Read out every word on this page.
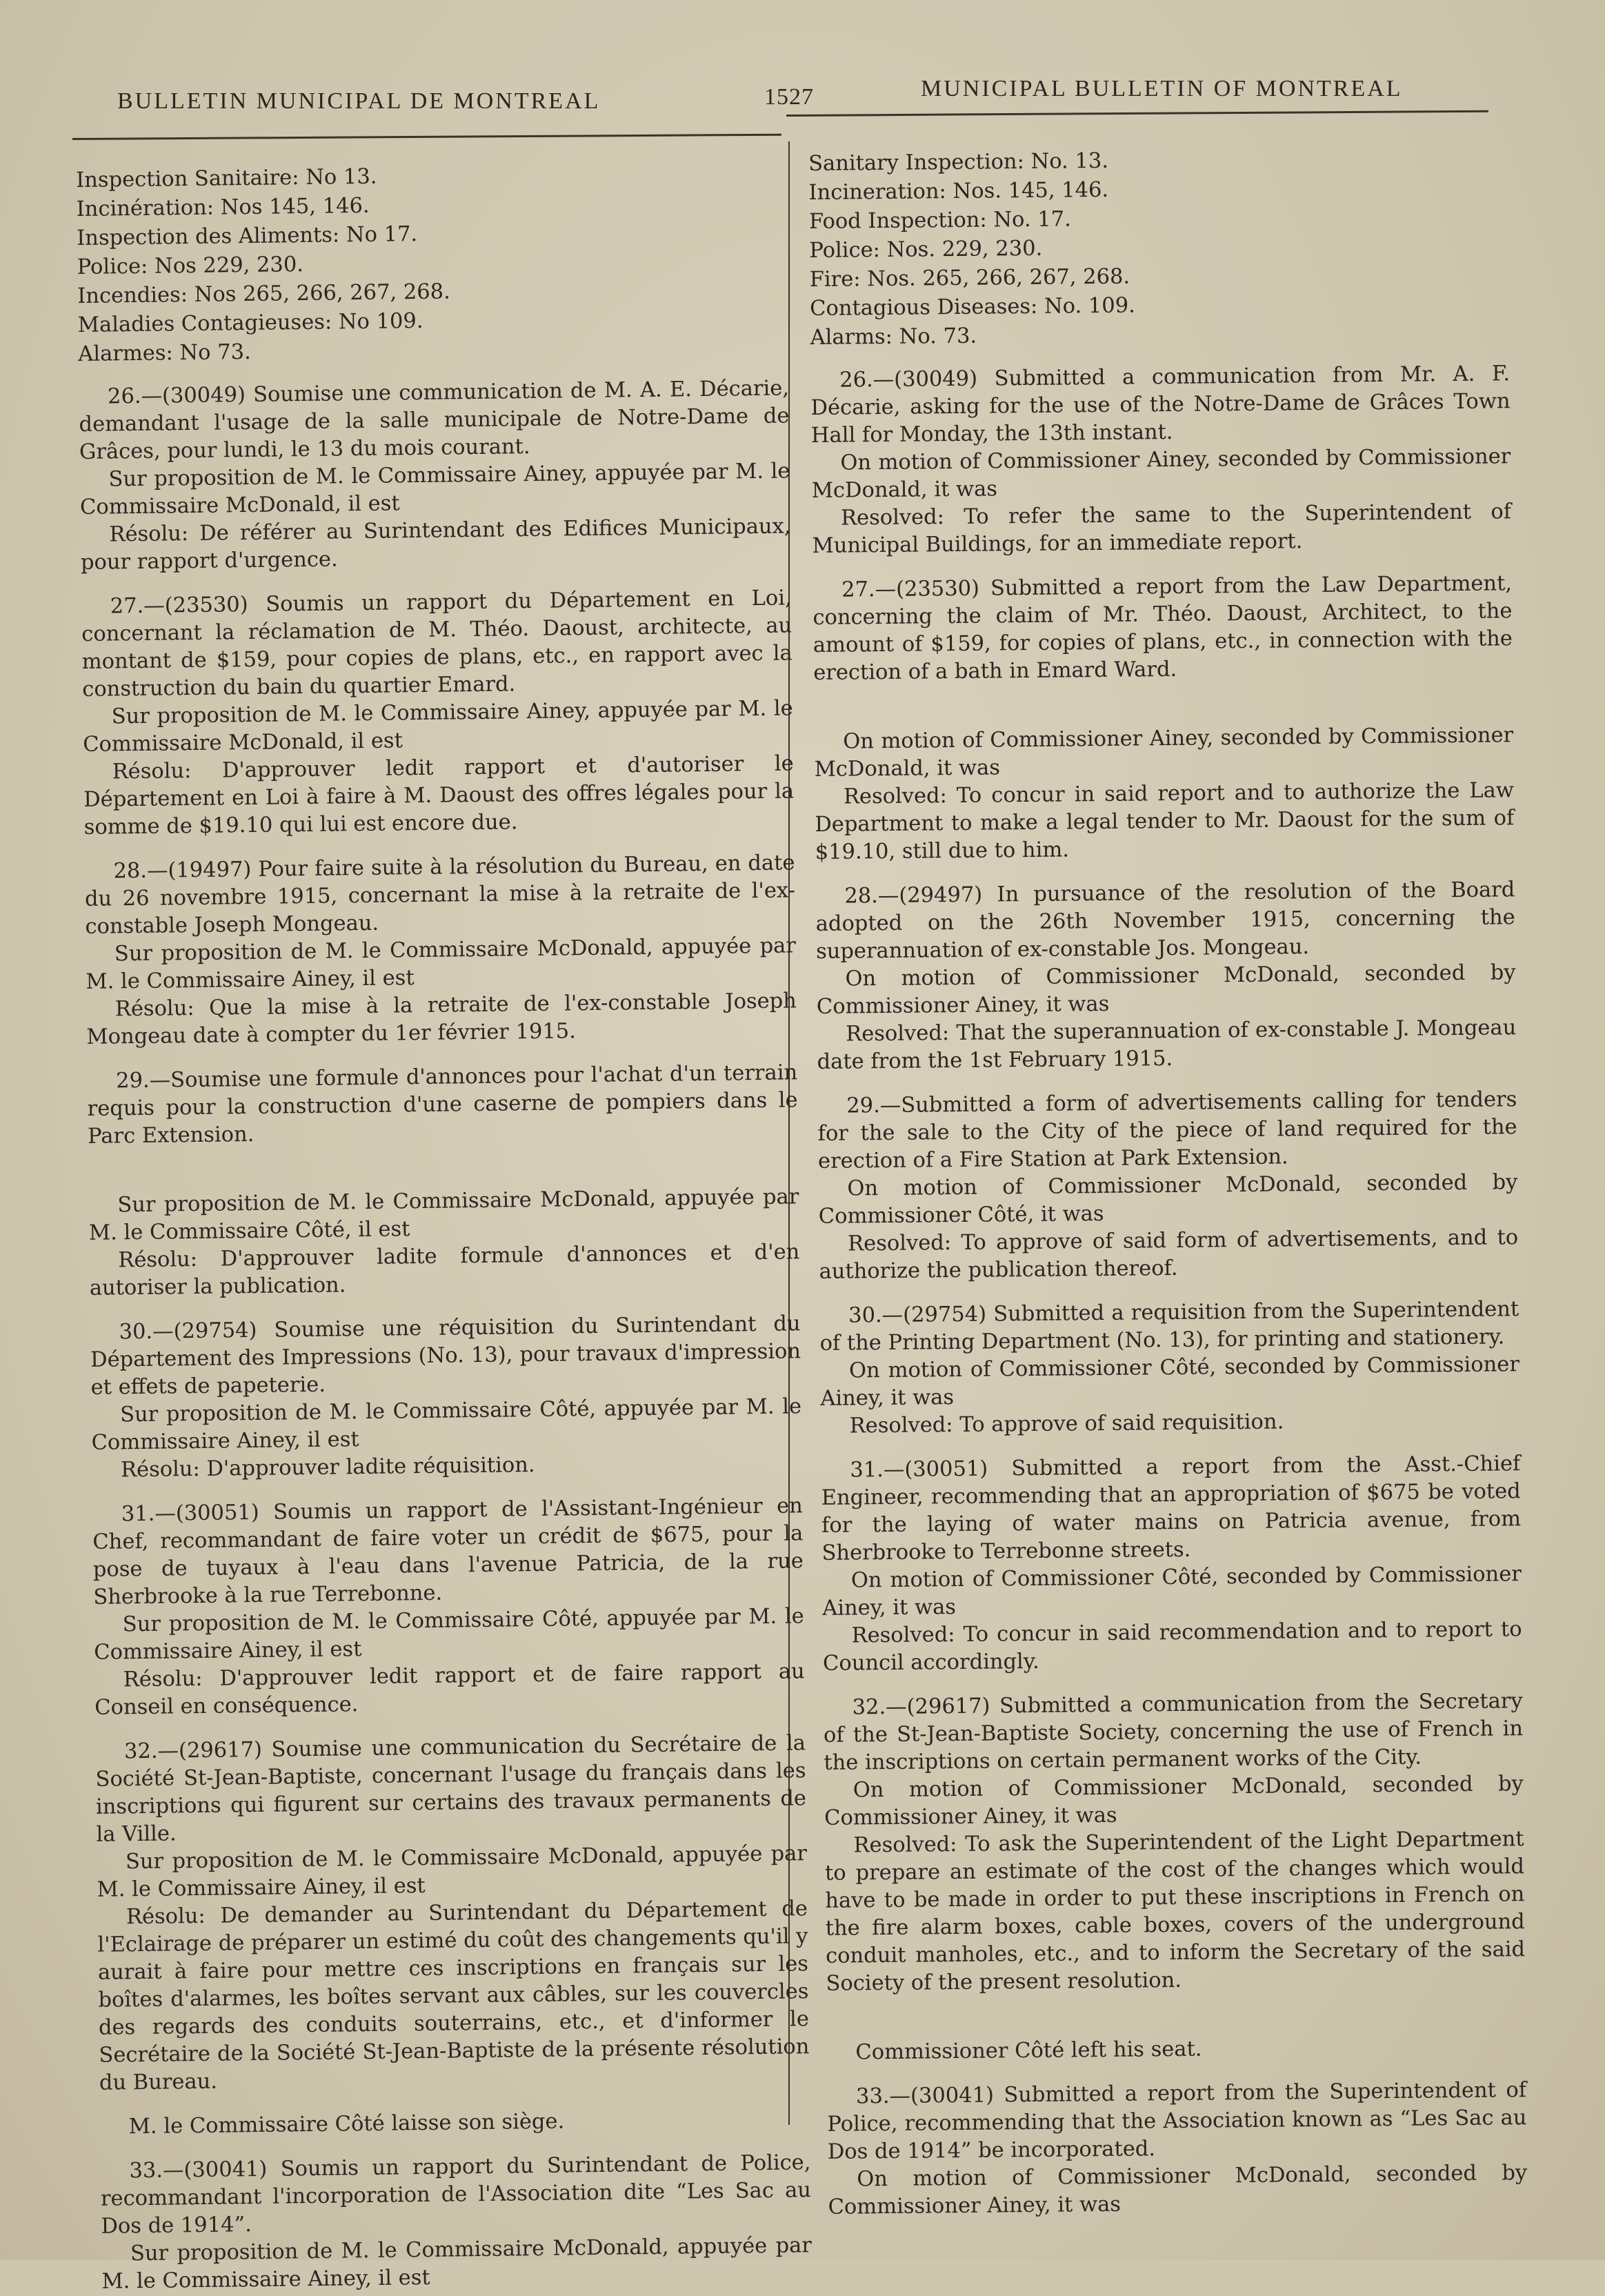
BULLETIN MUNICIPAL DE MONTREAL	1527	MUNICIPAL BULLETIN OF MONTREAL

Inspection Sanitaire: No 13.

Incinération: Nos 145, 146.

Inspection des Aliments: No 17.

Police: Nos 229, 230.

Incendies: Nos 265, 266, 267, 268.

Maladies Contagieuses: No 109.

Alarmes: No 73.

26.—(30049) Soumise une communication de M. A. E. Décarie, demandant l'usage de la salle municipale de Notre-Dame de Grâces, pour lundi, le 13 du mois courant.

Sur proposition de M. le Commissaire Ainey, appuyée par M. le Commissaire McDonald, il est

Résolu: De référer au Surintendant des Edifices Municipaux, pour rapport d'urgence.

27.—(23530) Soumis un rapport du Département en Loi, concernant la réclamation de M. Théo. Daoust, architecte, au montant de $159, pour copies de plans, etc., en rapport avec la construction du bain du quartier Emard.

Sur proposition de M. le Commissaire Ainey, appuyée par M. le Commissaire McDonald, il est

Résolu: D'approuver ledit rapport et d'autoriser le Département en Loi à faire à M. Daoust des offres légales pour la somme de $19.10 qui lui est encore due.

28.—(19497) Pour faire suite à la résolution du Bureau, en date du 26 novembre 1915, concernant la mise à la retraite de l'ex-constable Joseph Mongeau.

Sur proposition de M. le Commissaire McDonald, appuyée par M. le Commissaire Ainey, il est

Résolu: Que la mise à la retraite de l'ex-constable Joseph Mongeau date à compter du 1er février 1915.

29.—Soumise une formule d'annonces pour l'achat d'un terrain requis pour la construction d'une caserne de pompiers dans le Parc Extension.

Sur proposition de M. le Commissaire McDonald, appuyée par M. le Commissaire Côté, il est

Résolu: D'approuver ladite formule d'annonces et d'en autoriser la publication.

30.—(29754) Soumise une réquisition du Surintendant du Département des Impressions (No. 13), pour travaux d'impression et effets de papeterie.

Sur proposition de M. le Commissaire Côté, appuyée par M. le Commissaire Ainey, il est

Résolu: D'approuver ladite réquisition.

31.—(30051) Soumis un rapport de l'Assistant-Ingénieur en Chef, recommandant de faire voter un crédit de $675, pour la pose de tuyaux à l'eau dans l'avenue Patricia, de la rue Sherbrooke à la rue Terrebonne.

Sur proposition de M. le Commissaire Côté, appuyée par M. le Commissaire Ainey, il est

Résolu: D'approuver ledit rapport et de faire rapport au Conseil en conséquence.

32.—(29617) Soumise une communication du Secrétaire de la Société St-Jean-Baptiste, concernant l'usage du français dans les inscriptions qui figurent sur certains des travaux permanents de la Ville.

Sur proposition de M. le Commissaire McDonald, appuyée par M. le Commissaire Ainey, il est

Résolu: De demander au Surintendant du Département de l'Eclairage de préparer un estimé du coût des changements qu'il y aurait à faire pour mettre ces inscriptions en français sur les boîtes d'alarmes, les boîtes servant aux câbles, sur les couvercles des regards des conduits souterrains, etc., et d'informer le Secrétaire de la Société St-Jean-Baptiste de la présente résolution du Bureau.

M. le Commissaire Côté laisse son siège.

33.—(30041) Soumis un rapport du Surintendant de Police, recommandant l'incorporation de l'Association dite “Les Sac au Dos de 1914”.

Sur proposition de M. le Commissaire McDonald, appuyée par M. le Commissaire Ainey, il est

Sanitary Inspection: No. 13.

Incineration: Nos. 145, 146.

Food Inspection: No. 17.

Police: Nos. 229, 230.

Fire: Nos. 265, 266, 267, 268.

Contagious Diseases: No. 109.

Alarms: No. 73.

26.—(30049) Submitted a communication from Mr. A. F. Décarie, asking for the use of the Notre-Dame de Grâces Town Hall for Monday, the 13th instant.

On motion of Commissioner Ainey, seconded by Commissioner McDonald, it was

Resolved: To refer the same to the Superintendent of Municipal Buildings, for an immediate report.

27.—(23530) Submitted a report from the Law Department, concerning the claim of Mr. Théo. Daoust, Architect, to the amount of $159, for copies of plans, etc., in connection with the erection of a bath in Emard Ward.

On motion of Commissioner Ainey, seconded by Commissioner McDonald, it was

Resolved: To concur in said report and to authorize the Law Department to make a legal tender to Mr. Daoust for the sum of $19.10, still due to him.

28.—(29497) In pursuance of the resolution of the Board adopted on the 26th November 1915, concerning the superannuation of ex-constable Jos. Mongeau.

On motion of Commissioner McDonald, seconded by Commissioner Ainey, it was

Resolved: That the superannuation of ex-constable J. Mongeau date from the 1st February 1915.

29.—Submitted a form of advertisements calling for tenders for the sale to the City of the piece of land required for the erection of a Fire Station at Park Extension.

On motion of Commissioner McDonald, seconded by Commissioner Côté, it was

Resolved: To approve of said form of advertisements, and to authorize the publication thereof.

30.—(29754) Submitted a requisition from the Superintendent of the Printing Department (No. 13), for printing and stationery.

On motion of Commissioner Côté, seconded by Commissioner Ainey, it was

Resolved: To approve of said requisition.

31.—(30051) Submitted a report from the Asst.-Chief Engineer, recommending that an appropriation of $675 be voted for the laying of water mains on Patricia avenue, from Sherbrooke to Terrebonne streets.

On motion of Commissioner Côté, seconded by Commissioner Ainey, it was

Resolved: To concur in said recommendation and to report to Council accordingly.

32.—(29617) Submitted a communication from the Secretary of the St-Jean-Baptiste Society, concerning the use of French in the inscriptions on certain permanent works of the City.

On motion of Commissioner McDonald, seconded by Commissioner Ainey, it was

Resolved: To ask the Superintendent of the Light Department to prepare an estimate of the cost of the changes which would have to be made in order to put these inscriptions in French on the fire alarm boxes, cable boxes, covers of the underground conduit manholes, etc., and to inform the Secretary of the said Society of the present resolution.

Commissioner Côté left his seat.

33.—(30041) Submitted a report from the Superintendent of Police, recommending that the Association known as “Les Sac au Dos de 1914” be incorporated.

On motion of Commissioner McDonald, seconded by Commissioner Ainey, it was
